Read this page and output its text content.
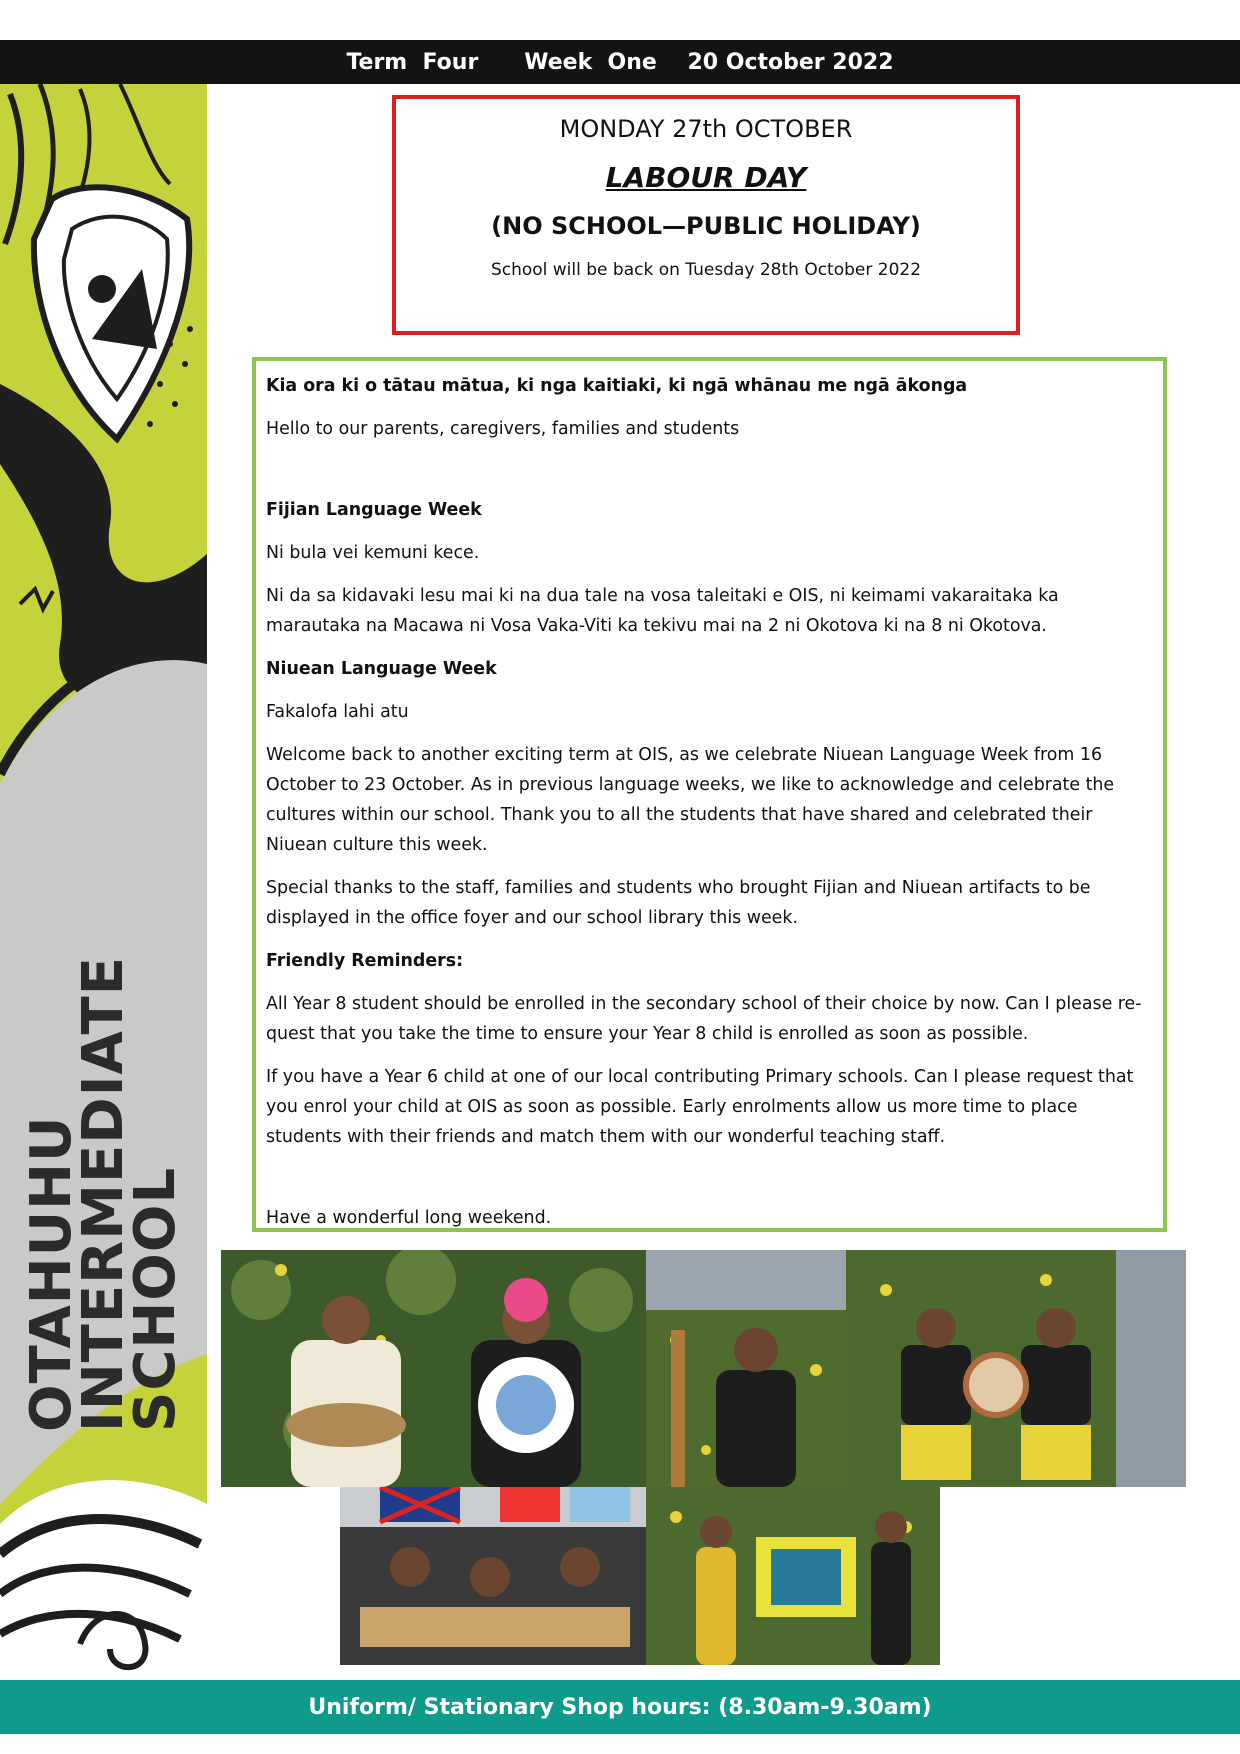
Term  Four
Week  One
20 October 2022
OTAHUHU
INTERMEDIATE
SCHOOL
MONDAY 27th OCTOBER
LABOUR DAY
(NO SCHOOL—PUBLIC HOLIDAY)
School will be back on Tuesday 28th October 2022

Kia ora ki o tātau mātua, ki nga kaitiaki, ki ngā whānau me ngā ākonga

Hello to our parents, caregivers, families and students

Fijian Language Week

Ni bula vei kemuni kece.

Ni da sa kidavaki lesu mai ki na dua tale na vosa taleitaki e OIS, ni keimami vakaraitaka ka marautaka na Macawa ni Vosa Vaka-Viti ka tekivu mai na 2 ni Okotova ki na 8 ni Okotova.

Niuean Language Week

Fakalofa lahi atu

Welcome back to another exciting term at OIS, as we celebrate Niuean Language Week from 16 October to 23 October. As in previous language weeks, we like to acknowledge and celebrate the cultures within our school. Thank you to all the students that have shared and celebrated their Niuean culture this week.

Special thanks to the staff, families and students who brought Fijian and Niuean artifacts to be displayed in the office foyer and our school library this week.

Friendly Reminders:

All Year 8 student should be enrolled in the secondary school of their choice by now. Can I please re-quest that you take the time to ensure your Year 8 child is enrolled as soon as possible.

If you have a Year 6 child at one of our local contributing Primary schools. Can I please request that you enrol your child at OIS as soon as possible. Early enrolments allow us more time to place students with their friends and match them with our wonderful teaching staff.

Have a wonderful long weekend.

Uniform/ Stationary Shop hours: (8.30am-9.30am)
